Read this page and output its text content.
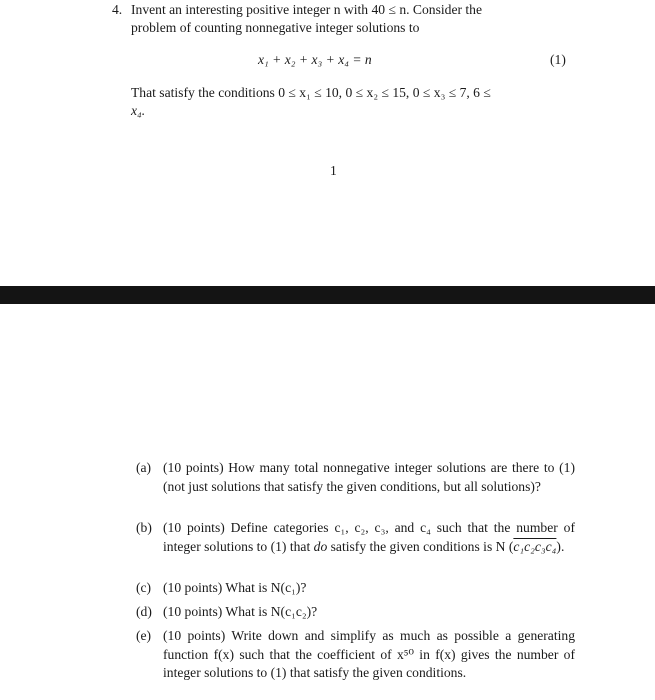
4. Invent an interesting positive integer n with 40 ≤ n. Consider the
problem of counting nonnegative integer solutions to
x₁ + x₂ + x₃ + x₄ = n	(1)
That satisfy the conditions 0 ≤ x₁ ≤ 10, 0 ≤ x₂ ≤ 15, 0 ≤ x₃ ≤ 7, 6 ≤
x₄.
1
(a) (10 points) How many total nonnegative integer solutions are there to (1) (not just solutions that satisfy the given conditions, but all solutions)?
(b) (10 points) Define categories c₁, c₂, c₃, and c₄ such that the number of integer solutions to (1) that do satisfy the given conditions is N (c₁c₂c₃c₄).
(c) (10 points) What is N(c₁)?
(d) (10 points) What is N(c₁c₂)?
(e) (10 points) Write down and simplify as much as possible a generating function f(x) such that the coefficient of x⁵⁰ in f(x) gives the number of integer solutions to (1) that satisfy the given conditions.
